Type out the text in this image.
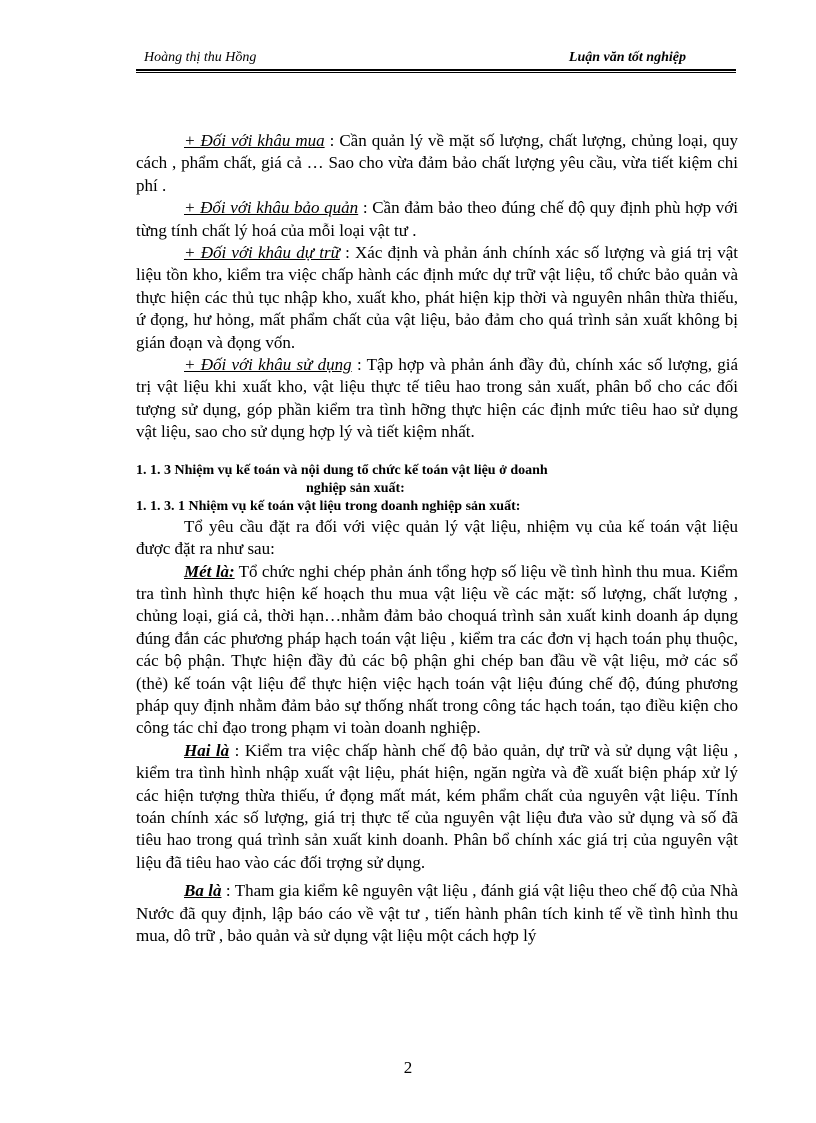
Hoàng thị thu Hồng	Luận văn tốt nghiệp

+ Đối với khâu mua : Cần quản lý về mặt số lượng, chất lượng, chủng loại, quy cách , phẩm chất, giá cả … Sao cho vừa đảm bảo chất lượng yêu cầu, vừa tiết kiệm chi phí .

+ Đối với khâu bảo quản : Cần đảm bảo theo đúng chế độ quy định phù hợp với từng tính chất lý hoá của mỗi loại vật tư .

+ Đối với khâu dự trữ : Xác định và phản ánh chính xác số lượng và giá trị vật liệu tồn kho, kiểm tra việc chấp hành các định mức dự trữ vật liệu, tổ chức bảo quản và thực hiện các thủ tục nhập kho, xuất kho, phát hiện kịp thời và nguyên nhân thừa thiếu, ứ đọng, hư hỏng, mất phẩm chất của vật liệu, bảo đảm cho quá trình sản xuất không bị gián đoạn và đọng vốn.

+ Đối với khâu sử dụng : Tập hợp và phản ánh đầy đủ, chính xác số lượng, giá trị vật liệu khi xuất kho, vật liệu thực tế tiêu hao trong sản xuất, phân bổ cho các đối tượng sử dụng, góp phần kiểm tra tình hỡng thực hiện các định mức tiêu hao sử dụng vật liệu, sao cho sử dụng hợp lý và tiết kiệm nhất.

1. 1. 3 Nhiệm vụ kế toán và nội dung tổ chức kế toán vật liệu ở doanh

nghiệp sản xuất:

1. 1. 3. 1 Nhiệm vụ kế toán vật liệu trong doanh nghiệp sản xuất:

Tổ yêu cầu đặt ra đối với việc quản lý vật liệu, nhiệm vụ của kế toán vật liệu được đặt ra như sau:

Mét là: Tổ chức nghi chép phản ánh tổng hợp số liệu về tình hình thu mua. Kiểm tra tình hình thực hiện kế hoạch thu mua vật liệu về các mặt: số lượng, chất lượng , chủng loại, giá cả, thời hạn…nhằm đảm bảo choquá trình sản xuất kinh doanh áp dụng đúng đắn các phương pháp hạch toán vật liệu , kiểm tra các đơn vị hạch toán phụ thuộc, các bộ phận. Thực hiện đầy đủ các bộ phận ghi chép ban đầu về vật liệu, mở các sổ (thẻ) kế toán vật liệu để thực hiện việc hạch toán vật liệu đúng chế độ, đúng phương pháp quy định nhằm đảm bảo sự thống nhất trong công tác hạch toán, tạo điều kiện cho công tác chỉ đạo trong phạm vi toàn doanh nghiệp.

Hai là : Kiểm tra việc chấp hành chế độ bảo quản, dự trữ và sử dụng vật liệu , kiểm tra tình hình nhập xuất vật liệu, phát hiện, ngăn ngừa và đề xuất biện pháp xử lý các hiện tượng thừa thiếu, ứ đọng mất mát, kém phẩm chất của nguyên vật liệu. Tính toán chính xác số lượng, giá trị thực tế của nguyên vật liệu đưa vào sử dụng và số đã tiêu hao trong quá trình sản xuất kinh doanh. Phân bổ chính xác giá trị của nguyên vật liệu đã tiêu hao vào các đối trợng sử dụng.

Ba là : Tham gia kiểm kê nguyên vật liệu , đánh giá vật liệu theo chế độ của Nhà Nước đã quy định, lập báo cáo về vật tư , tiến hành phân tích kinh tế về tình hình thu mua, dô trữ , bảo quản và sử dụng vật liệu một cách hợp lý

2
